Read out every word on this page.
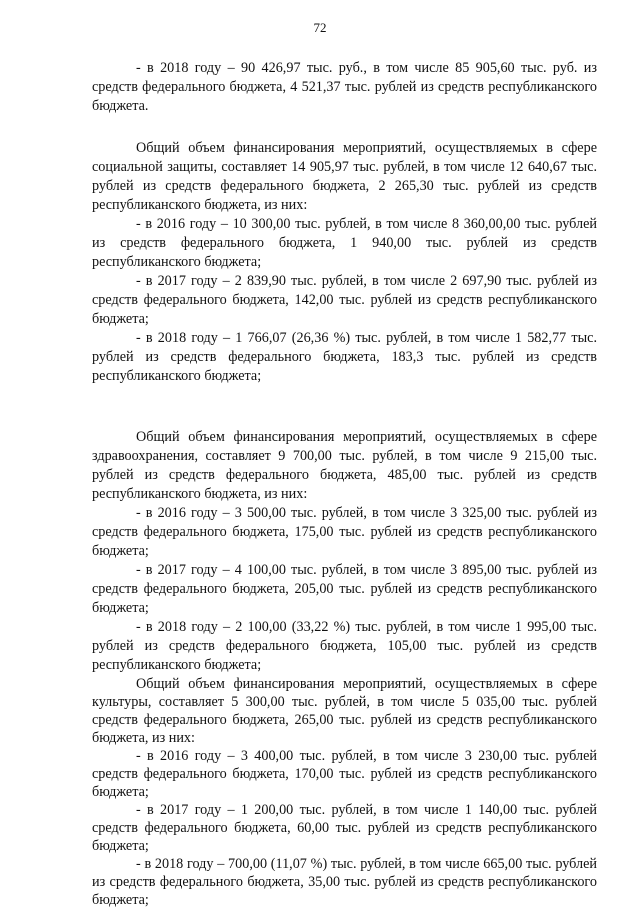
72

- в 2018 году – 90 426,97 тыс. руб., в том числе 85 905,60 тыс. руб. из средств федерального бюджета, 4 521,37 тыс. рублей из средств республиканского бюджета.

Общий объем финансирования мероприятий, осуществляемых в сфере социальной защиты, составляет 14 905,97 тыс. рублей, в том числе 12 640,67 тыс. рублей из средств федерального бюджета, 2 265,30 тыс. рублей из средств республиканского бюджета, из них:

- в 2016 году – 10 300,00 тыс. рублей, в том числе 8 360,00,00 тыс. рублей из средств федерального бюджета, 1 940,00 тыс. рублей из средств республиканского бюджета;

- в 2017 году – 2 839,90 тыс. рублей, в том числе 2 697,90 тыс. рублей из средств федерального бюджета, 142,00 тыс. рублей из средств республиканского бюджета;

- в 2018 году – 1 766,07 (26,36 %) тыс. рублей, в том числе 1 582,77 тыс. рублей из средств федерального бюджета, 183,3 тыс. рублей из средств республиканского бюджета;

Общий объем финансирования мероприятий, осуществляемых в сфере здравоохранения, составляет 9 700,00 тыс. рублей, в том числе 9 215,00 тыс. рублей из средств федерального бюджета, 485,00 тыс. рублей из средств республиканского бюджета, из них:

- в 2016 году – 3 500,00 тыс. рублей, в том числе 3 325,00 тыс. рублей из средств федерального бюджета, 175,00 тыс. рублей из средств республиканского бюджета;

- в 2017 году – 4 100,00 тыс. рублей, в том числе 3 895,00 тыс. рублей из средств федерального бюджета, 205,00 тыс. рублей из средств республиканского бюджета;

- в 2018 году – 2 100,00 (33,22 %) тыс. рублей, в том числе 1 995,00 тыс. рублей из средств федерального бюджета, 105,00 тыс. рублей из средств республиканского бюджета;

Общий объем финансирования мероприятий, осуществляемых в сфере культуры, составляет 5 300,00 тыс. рублей, в том числе 5 035,00 тыс. рублей средств федерального бюджета, 265,00 тыс. рублей из средств республиканского бюджета, из них:

- в 2016 году – 3 400,00 тыс. рублей, в том числе 3 230,00 тыс. рублей средств федерального бюджета, 170,00 тыс. рублей из средств республиканского бюджета;

- в 2017 году – 1 200,00 тыс. рублей, в том числе 1 140,00 тыс. рублей средств федерального бюджета, 60,00 тыс. рублей из средств республиканского бюджета;

- в 2018 году – 700,00 (11,07 %) тыс. рублей, в том числе 665,00 тыс. рублей из средств федерального бюджета, 35,00 тыс. рублей из средств республиканского бюджета;
